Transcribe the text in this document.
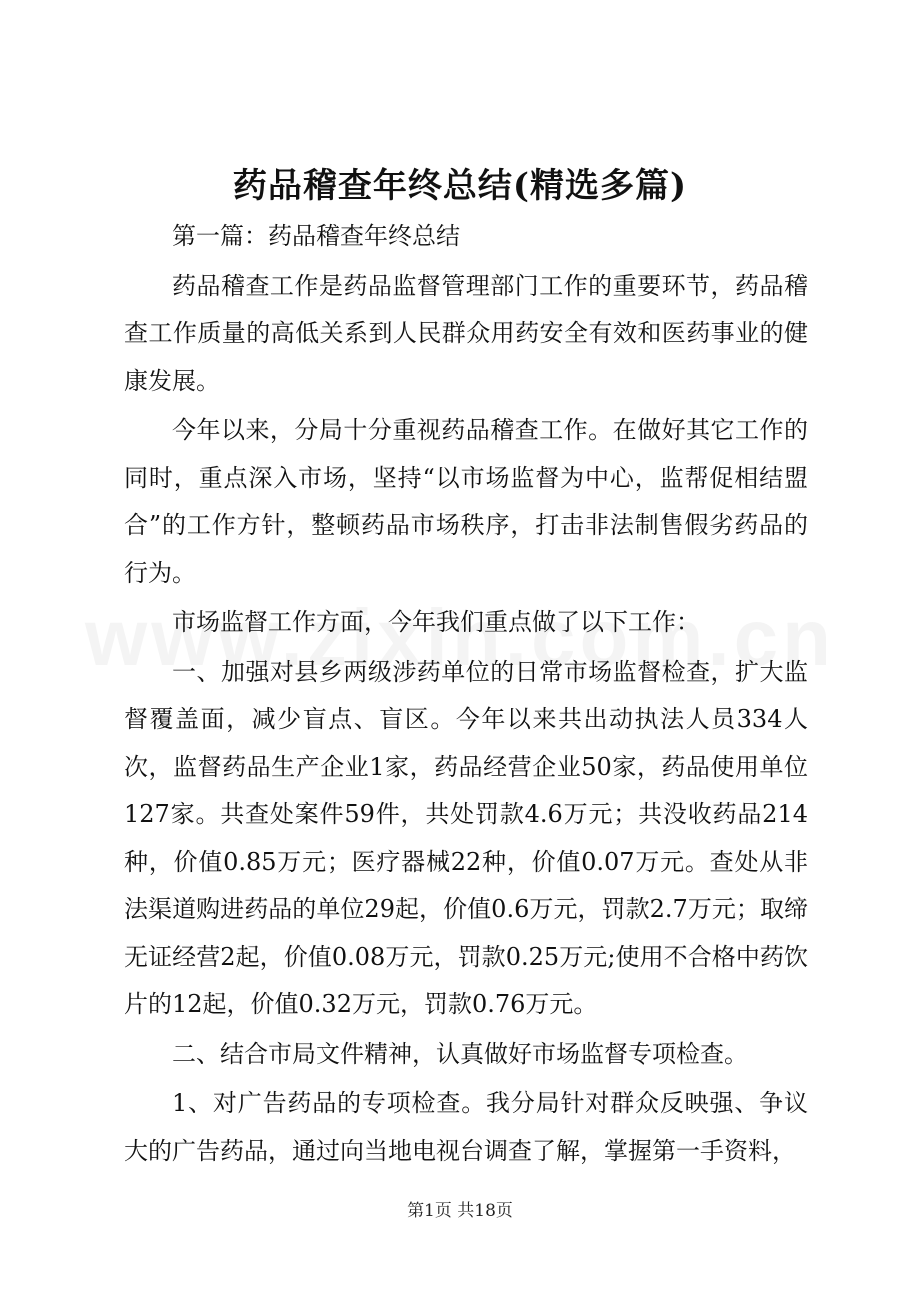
药品稽查年终总结(精选多篇)

第一篇：药品稽查年终总结

药品稽查工作是药品监督管理部门工作的重要环节，药品稽查工作质量的高低关系到人民群众用药安全有效和医药事业的健康发展。

今年以来，分局十分重视药品稽查工作。在做好其它工作的同时，重点深入市场，坚持“以市场监督为中心，监帮促相结盟合”的工作方针，整顿药品市场秩序，打击非法制售假劣药品的行为。

市场监督工作方面，今年我们重点做了以下工作：

一、加强对县乡两级涉药单位的日常市场监督检查，扩大监督覆盖面，减少盲点、盲区。今年以来共出动执法人员334人次，监督药品生产企业1家，药品经营企业50家，药品使用单位127家。共查处案件59件，共处罚款4.6万元；共没收药品214种，价值0.85万元；医疗器械22种，价值0.07万元。查处从非法渠道购进药品的单位29起，价值0.6万元，罚款2.7万元；取缔无证经营2起，价值0.08万元，罚款0.25万元;使用不合格中药饮片的12起，价值0.32万元，罚款0.76万元。

二、结合市局文件精神，认真做好市场监督专项检查。

1、对广告药品的专项检查。我分局针对群众反映强、争议大的广告药品，通过向当地电视台调查了解，掌握第一手资料，

第1页 共18页
